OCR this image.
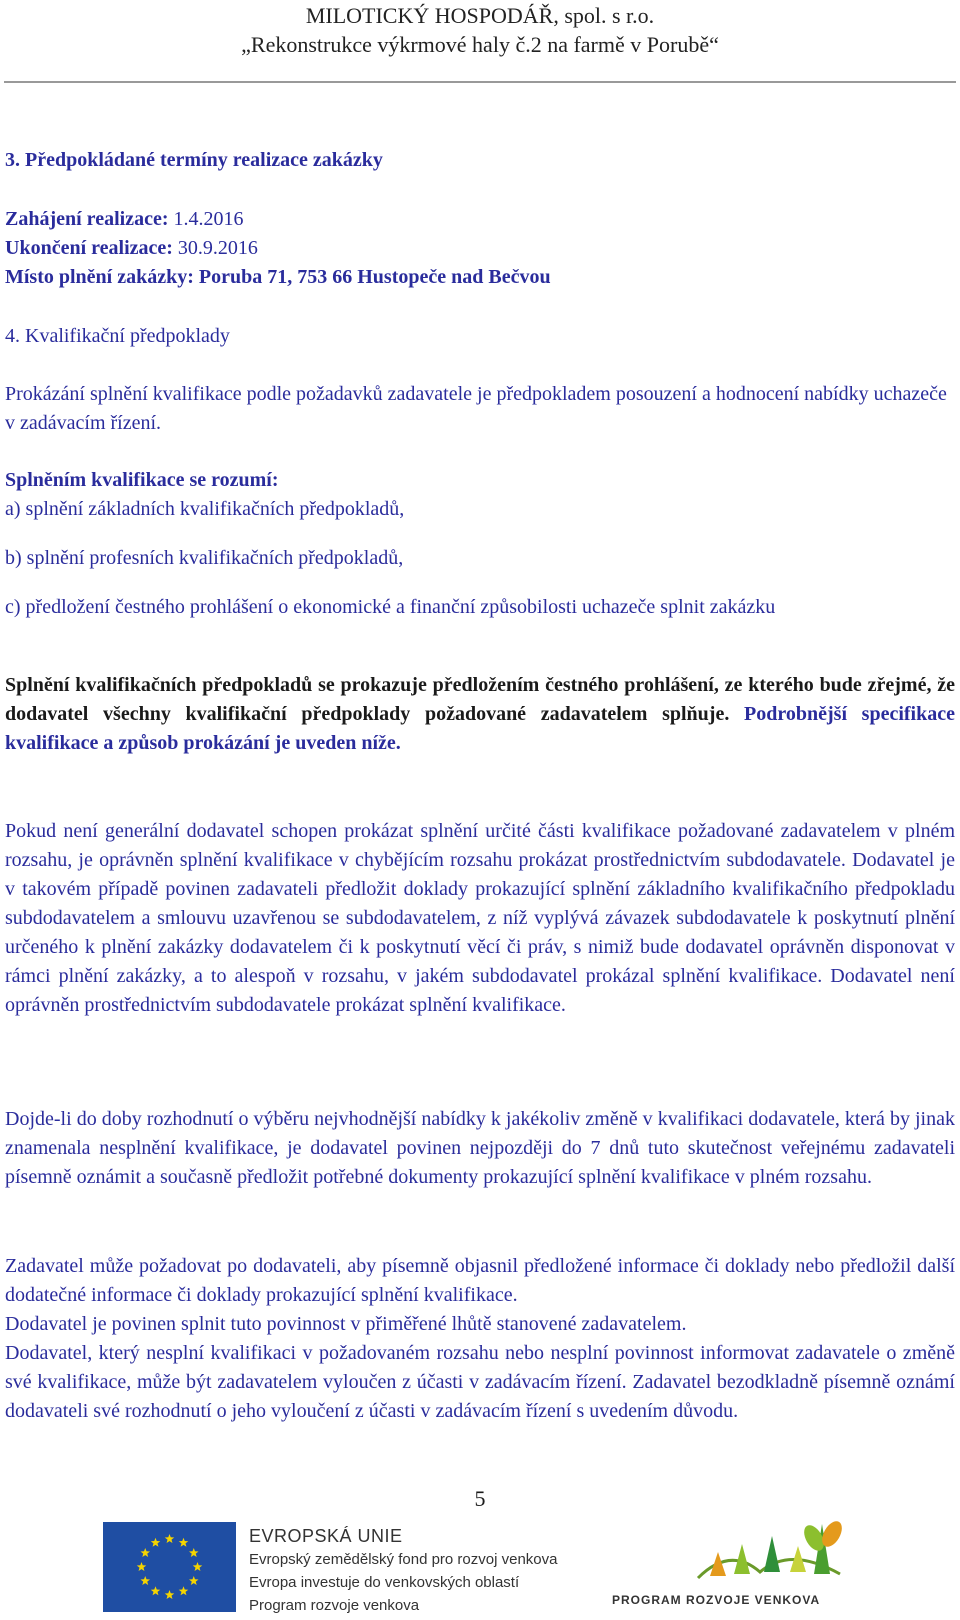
MILOTICKÝ HOSPODÁŘ, spol. s r.o.
„Rekonstrukce výkrmové haly č.2 na farmě v Porubě“

3. Předpokládané termíny realizace zakázky

Zahájení realizace: 1.4.2016
Ukončení realizace: 30.9.2016
Místo plnění zakázky: Poruba 71, 753 66 Hustopeče nad Bečvou

4. Kvalifikační předpoklady

Prokázání splnění kvalifikace podle požadavků zadavatele je předpokladem posouzení a hodnocení nabídky uchazeče v zadávacím řízení.

Splněním kvalifikace se rozumí:

a) splnění základních kvalifikačních předpokladů,

b) splnění profesních kvalifikačních předpokladů,

c) předložení čestného prohlášení o ekonomické a finanční způsobilosti uchazeče splnit zakázku

Splnění kvalifikačních předpokladů se prokazuje předložením čestného prohlášení, ze kterého bude zřejmé, že dodavatel všechny kvalifikační předpoklady požadované zadavatelem splňuje. Podrobnější specifikace kvalifikace a způsob prokázání je uveden níže.

Pokud není generální dodavatel schopen prokázat splnění určité části kvalifikace požadované zadavatelem v plném rozsahu, je oprávněn splnění kvalifikace v chybějícím rozsahu prokázat prostřednictvím subdodavatele. Dodavatel je v takovém případě povinen zadavateli předložit doklady prokazující splnění základního kvalifikačního předpokladu subdodavatelem a smlouvu uzavřenou se subdodavatelem, z níž vyplývá závazek subdodavatele k poskytnutí plnění určeného k plnění zakázky dodavatelem či k poskytnutí věcí či práv, s nimiž bude dodavatel oprávněn disponovat v rámci plnění zakázky, a to alespoň v rozsahu, v jakém subdodavatel prokázal splnění kvalifikace. Dodavatel není oprávněn prostřednictvím subdodavatele prokázat splnění kvalifikace.

Dojde-li do doby rozhodnutí o výběru nejvhodnější nabídky k jakékoliv změně v kvalifikaci dodavatele, která by jinak znamenala nesplnění kvalifikace, je dodavatel povinen nejpozději do 7 dnů tuto skutečnost veřejnému zadavateli písemně oznámit a současně předložit potřebné dokumenty prokazující splnění kvalifikace v plném rozsahu.

Zadavatel může požadovat po dodavateli, aby písemně objasnil předložené informace či doklady nebo předložil další dodatečné informace či doklady prokazující splnění kvalifikace.
Dodavatel je povinen splnit tuto povinnost v přiměřené lhůtě stanovené zadavatelem.
Dodavatel, který nesplní kvalifikaci v požadovaném rozsahu nebo nesplní povinnost informovat zadavatele o změně své kvalifikace, může být zadavatelem vyloučen z účasti v zadávacím řízení. Zadavatel bezodkladně písemně oznámí dodavateli své rozhodnutí o jeho vyloučení z účasti v zadávacím řízení s uvedením důvodu.
5
EVROPSKÁ UNIE
Evropský zemědělský fond pro rozvoj venkova
Evropa investuje do venkovských oblastí
Program rozvoje venkova	PROGRAM ROZVOJE VENKOVA
